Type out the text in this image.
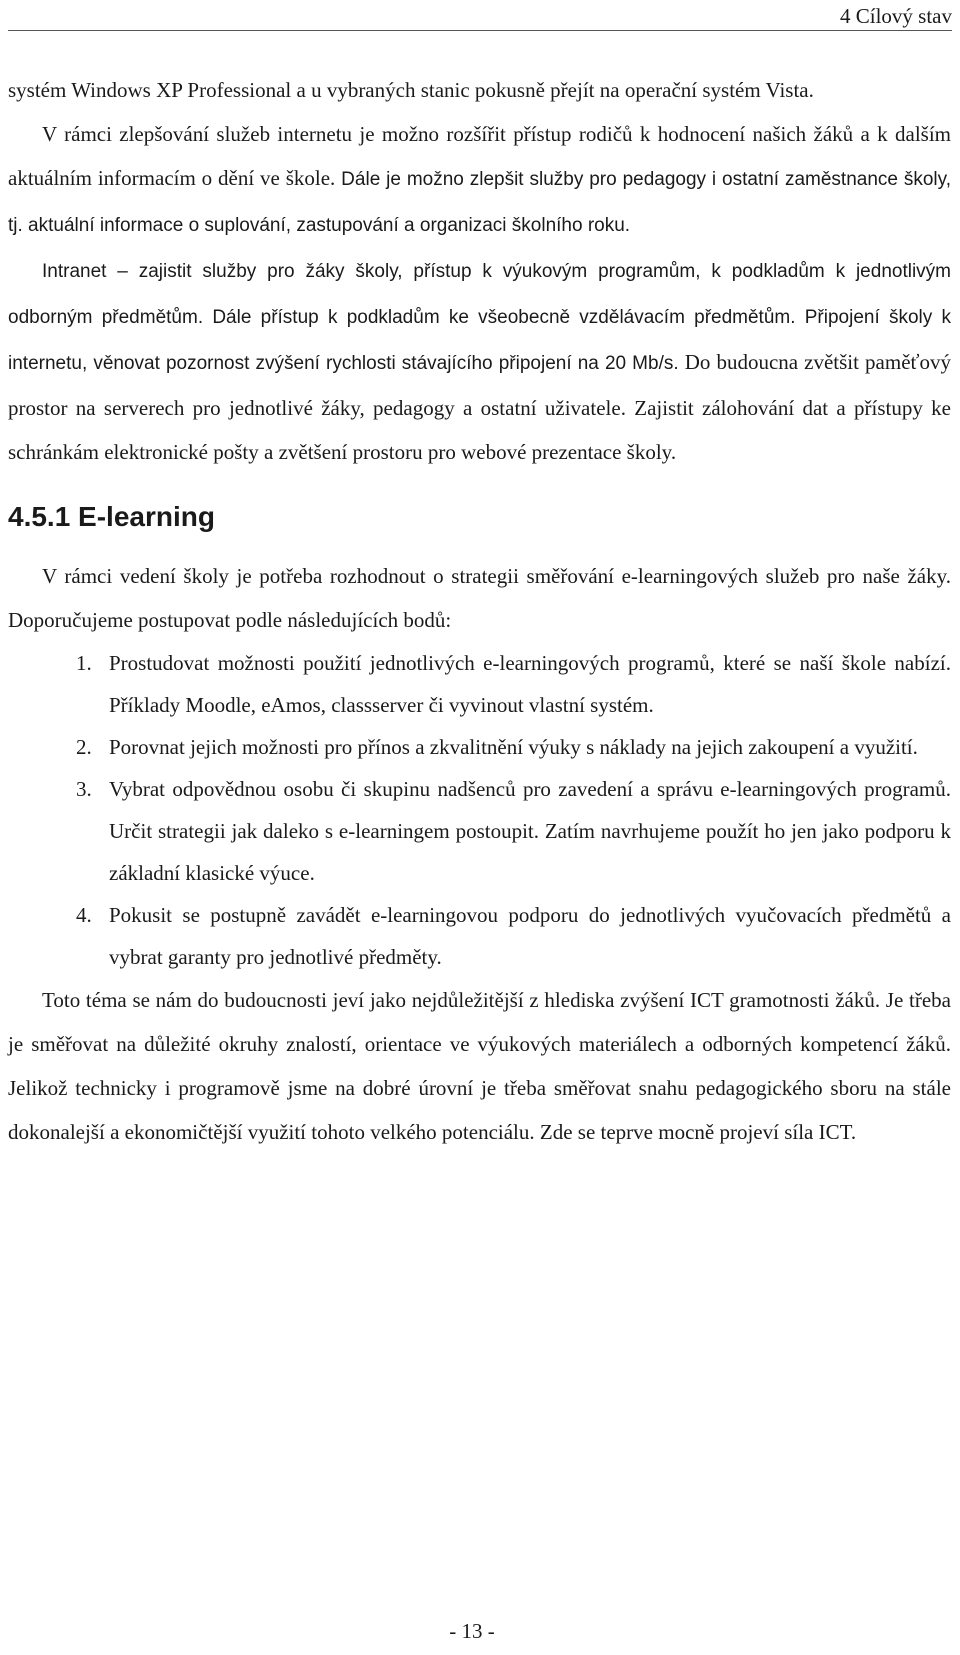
4 Cílový stav

systém Windows XP Professional a u vybraných stanic pokusně přejít na operační systém Vista.

V rámci zlepšování služeb internetu je možno rozšířit přístup rodičů k hodnocení našich žáků a k dalším aktuálním informacím o dění ve škole. Dále je možno zlepšit služby pro pedagogy i ostatní zaměstnance školy, tj. aktuální informace o suplování, zastupování a organizaci školního roku.

Intranet – zajistit služby pro žáky školy, přístup k výukovým programům, k podkladům k jednotlivým odborným předmětům. Dále přístup k podkladům ke všeobecně vzdělávacím předmětům. Připojení školy k internetu, věnovat pozornost zvýšení rychlosti stávajícího připojení na 20 Mb/s. Do budoucna zvětšit paměťový prostor na serverech pro jednotlivé žáky, pedagogy a ostatní uživatele. Zajistit zálohování dat a přístupy ke schránkám elektronické pošty a zvětšení prostoru pro webové prezentace školy.

4.5.1 E-learning

V rámci vedení školy je potřeba rozhodnout o strategii směřování e-learningových služeb pro naše žáky. Doporučujeme postupovat podle následujících bodů:

1. Prostudovat možnosti použití jednotlivých e-learningových programů, které se naší škole nabízí. Příklady Moodle, eAmos, classserver či vyvinout vlastní systém.
2. Porovnat jejich možnosti pro přínos a zkvalitnění výuky s náklady na jejich zakoupení a využití.
3. Vybrat odpovědnou osobu či skupinu nadšenců pro zavedení a správu e-learningových programů. Určit strategii jak daleko s e-learningem postoupit. Zatím navrhujeme použít ho jen jako podporu k základní klasické výuce.
4. Pokusit se postupně zavádět e-learningovou podporu do jednotlivých vyučovacích předmětů a vybrat garanty pro jednotlivé předměty.

Toto téma se nám do budoucnosti jeví jako nejdůležitější z hlediska zvýšení ICT gramotnosti žáků. Je třeba je směřovat na důležité okruhy znalostí, orientace ve výukových materiálech a odborných kompetencí žáků. Jelikož technicky i programově jsme na dobré úrovní je třeba směřovat snahu pedagogického sboru na stále dokonalejší a ekonomičtější využití tohoto velkého potenciálu. Zde se teprve mocně projeví síla ICT.

- 13 -
